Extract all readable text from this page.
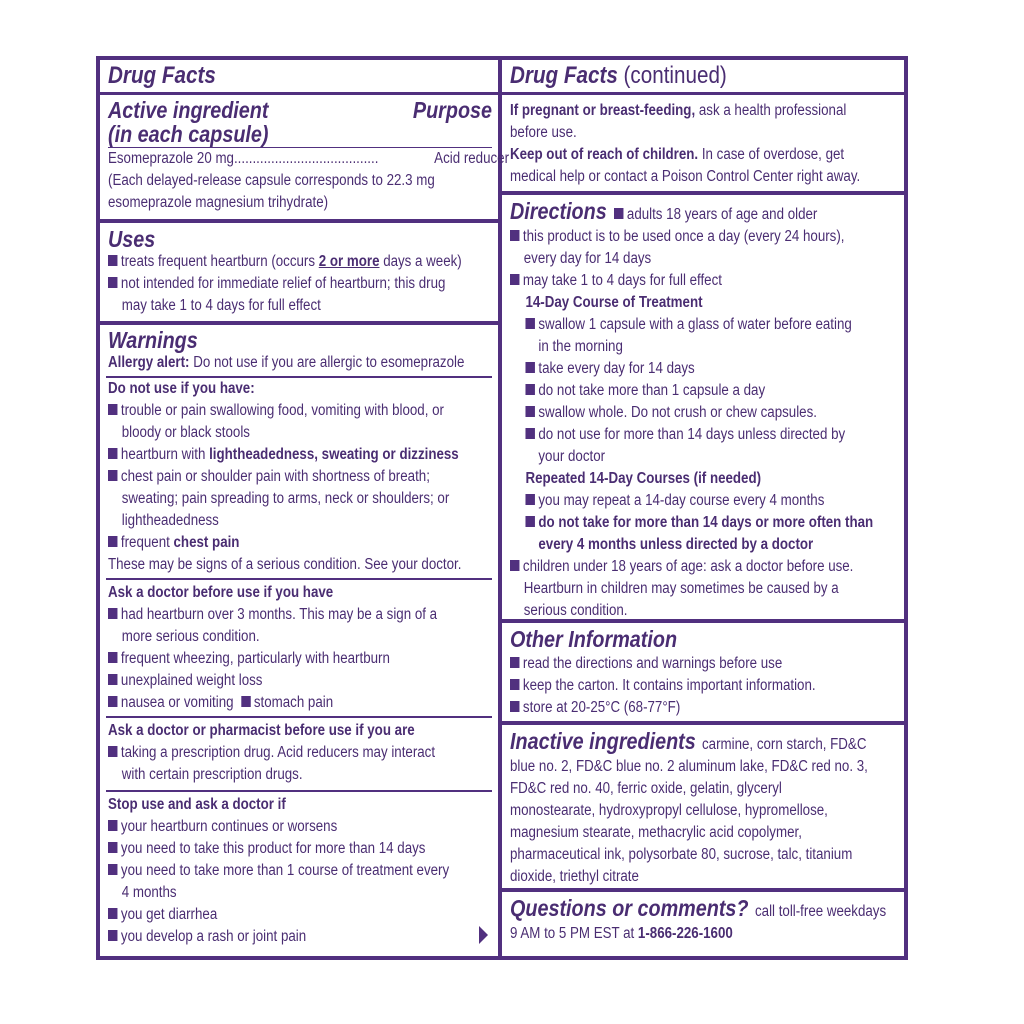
Drug Facts
Active ingredient	Purpose
(in each capsule)
Esomeprazole 20 mg.......................................	Acid reducer
(Each delayed-release capsule corresponds to 22.3 mg
esomeprazole magnesium trihydrate)
Uses
treats frequent heartburn (occurs 2 or more days a week)
not intended for immediate relief of heartburn; this drug
may take 1 to 4 days for full effect
Warnings
Allergy alert: Do not use if you are allergic to esomeprazole
Do not use if you have:
trouble or pain swallowing food, vomiting with blood, or
bloody or black stools
heartburn with lightheadedness, sweating or dizziness
chest pain or shoulder pain with shortness of breath;
sweating; pain spreading to arms, neck or shoulders; or
lightheadedness
frequent chest pain
These may be signs of a serious condition. See your doctor.
Ask a doctor before use if you have
had heartburn over 3 months. This may be a sign of a
more serious condition.
frequent wheezing, particularly with heartburn
unexplained weight loss
nausea or vomiting stomach pain
Ask a doctor or pharmacist before use if you are
taking a prescription drug. Acid reducers may interact
with certain prescription drugs.
Stop use and ask a doctor if
your heartburn continues or worsens
you need to take this product for more than 14 days
you need to take more than 1 course of treatment every
4 months
you get diarrhea
you develop a rash or joint pain
Drug Facts (continued)
If pregnant or breast-feeding, ask a health professional
before use.
Keep out of reach of children. In case of overdose, get
medical help or contact a Poison Control Center right away.
Directions adults 18 years of age and older
this product is to be used once a day (every 24 hours),
every day for 14 days
may take 1 to 4 days for full effect
14-Day Course of Treatment
swallow 1 capsule with a glass of water before eating
in the morning
take every day for 14 days
do not take more than 1 capsule a day
swallow whole. Do not crush or chew capsules.
do not use for more than 14 days unless directed by
your doctor
Repeated 14-Day Courses (if needed)
you may repeat a 14-day course every 4 months
do not take for more than 14 days or more often than
every 4 months unless directed by a doctor
children under 18 years of age: ask a doctor before use.
Heartburn in children may sometimes be caused by a
serious condition.
Other Information
read the directions and warnings before use
keep the carton. It contains important information.
store at 20-25°C (68-77°F)
Inactive ingredientscarmine, corn starch, FD&C
blue no. 2, FD&C blue no. 2 aluminum lake, FD&C red no. 3,
FD&C red no. 40, ferric oxide, gelatin, glyceryl
monostearate, hydroxypropyl cellulose, hypromellose,
magnesium stearate, methacrylic acid copolymer,
pharmaceutical ink, polysorbate 80, sucrose, talc, titanium
dioxide, triethyl citrate
Questions or comments?call toll-free weekdays
9 AM to 5 PM EST at 1-866-226-1600
